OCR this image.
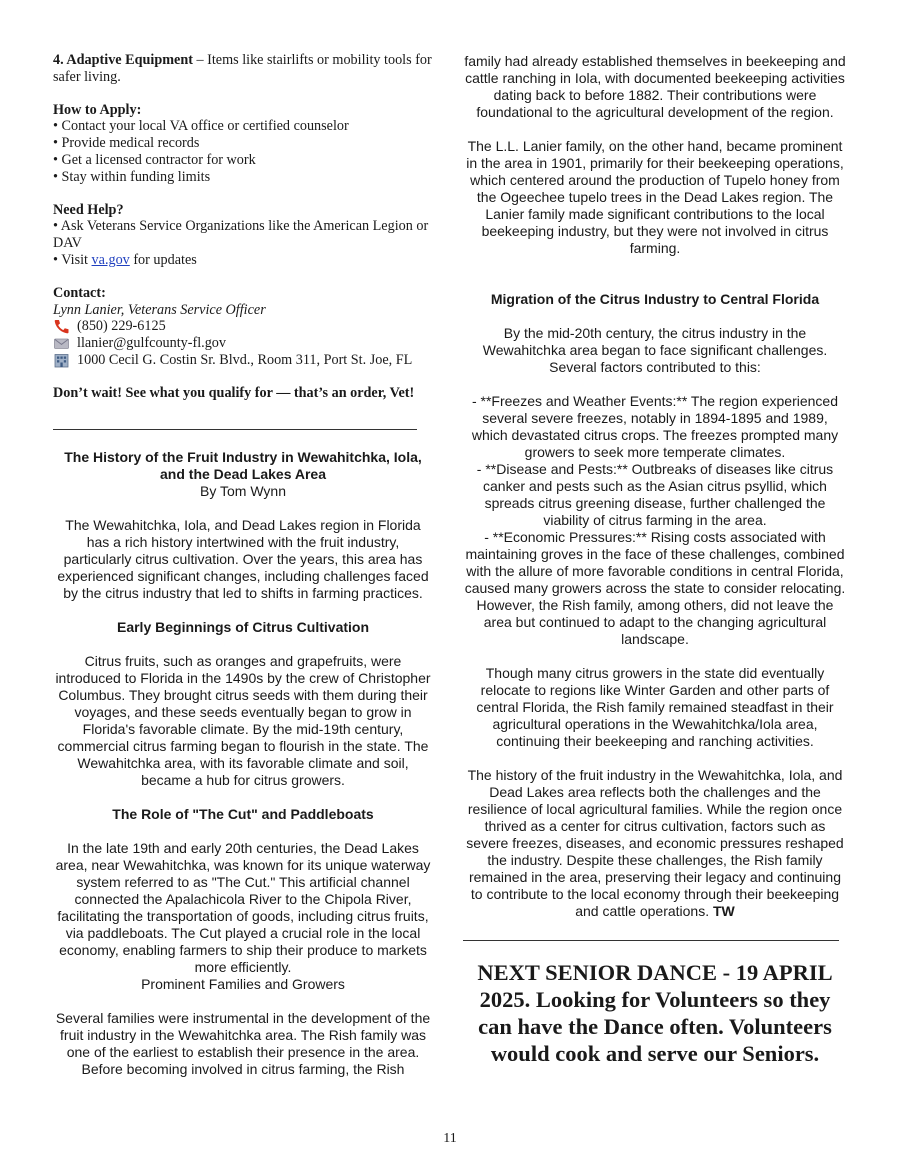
4. Adaptive Equipment – Items like stairlifts or mobility tools for safer living.

How to Apply:

• Contact your local VA office or certified counselor

• Provide medical records

• Get a licensed contractor for work

• Stay within funding limits

Need Help?

• Ask Veterans Service Organizations like the American Legion or DAV

• Visit va.gov for updates

Contact:

Lynn Lanier, Veterans Service Officer

(850) 229-6125
llanier@gulfcounty-fl.gov
1000 Cecil G. Costin Sr. Blvd., Room 311, Port St. Joe, FL

Don’t wait! See what you qualify for — that’s an order, Vet!

The History of the Fruit Industry in Wewahitchka, Iola, and the Dead Lakes Area

By Tom Wynn

The Wewahitchka, Iola, and Dead Lakes region in Florida has a rich history intertwined with the fruit industry, particularly citrus cultivation. Over the years, this area has experienced significant changes, including challenges faced by the citrus industry that led to shifts in farming practices.

Early Beginnings of Citrus Cultivation

Citrus fruits, such as oranges and grapefruits, were introduced to Florida in the 1490s by the crew of Christopher Columbus. They brought citrus seeds with them during their voyages, and these seeds eventually began to grow in Florida's favorable climate. By the mid-19th century, commercial citrus farming began to flourish in the state. The Wewahitchka area, with its favorable climate and soil, became a hub for citrus growers.

The Role of "The Cut" and Paddleboats

In the late 19th and early 20th centuries, the Dead Lakes area, near Wewahitchka, was known for its unique waterway system referred to as "The Cut." This artificial channel connected the Apalachicola River to the Chipola River, facilitating the transportation of goods, including citrus fruits, via paddleboats. The Cut played a crucial role in the local economy, enabling farmers to ship their produce to markets more efficiently.

Prominent Families and Growers

Several families were instrumental in the development of the fruit industry in the Wewahitchka area. The Rish family was one of the earliest to establish their presence in the area. Before becoming involved in citrus farming, the Rish

family had already established themselves in beekeeping and cattle ranching in Iola, with documented beekeeping activities dating back to before 1882. Their contributions were foundational to the agricultural development of the region.

The L.L. Lanier family, on the other hand, became prominent in the area in 1901, primarily for their beekeeping operations, which centered around the production of Tupelo honey from the Ogeechee tupelo trees in the Dead Lakes region. The Lanier family made significant contributions to the local beekeeping industry, but they were not involved in citrus farming.

Migration of the Citrus Industry to Central Florida

By the mid-20th century, the citrus industry in the Wewahitchka area began to face significant challenges. Several factors contributed to this:

- **Freezes and Weather Events:** The region experienced several severe freezes, notably in 1894-1895 and 1989, which devastated citrus crops. The freezes prompted many growers to seek more temperate climates.

- **Disease and Pests:** Outbreaks of diseases like citrus canker and pests such as the Asian citrus psyllid, which spreads citrus greening disease, further challenged the viability of citrus farming in the area.

- **Economic Pressures:** Rising costs associated with maintaining groves in the face of these challenges, combined with the allure of more favorable conditions in central Florida, caused many growers across the state to consider relocating. However, the Rish family, among others, did not leave the area but continued to adapt to the changing agricultural landscape.

Though many citrus growers in the state did eventually relocate to regions like Winter Garden and other parts of central Florida, the Rish family remained steadfast in their agricultural operations in the Wewahitchka/Iola area, continuing their beekeeping and ranching activities.

The history of the fruit industry in the Wewahitchka, Iola, and Dead Lakes area reflects both the challenges and the resilience of local agricultural families. While the region once thrived as a center for citrus cultivation, factors such as severe freezes, diseases, and economic pressures reshaped the industry. Despite these challenges, the Rish family remained in the area, preserving their legacy and continuing to contribute to the local economy through their beekeeping and cattle operations. TW

NEXT SENIOR DANCE - 19 APRIL 2025. Looking for Volunteers so they can have the Dance often. Volunteers would cook and serve our Seniors.

11
